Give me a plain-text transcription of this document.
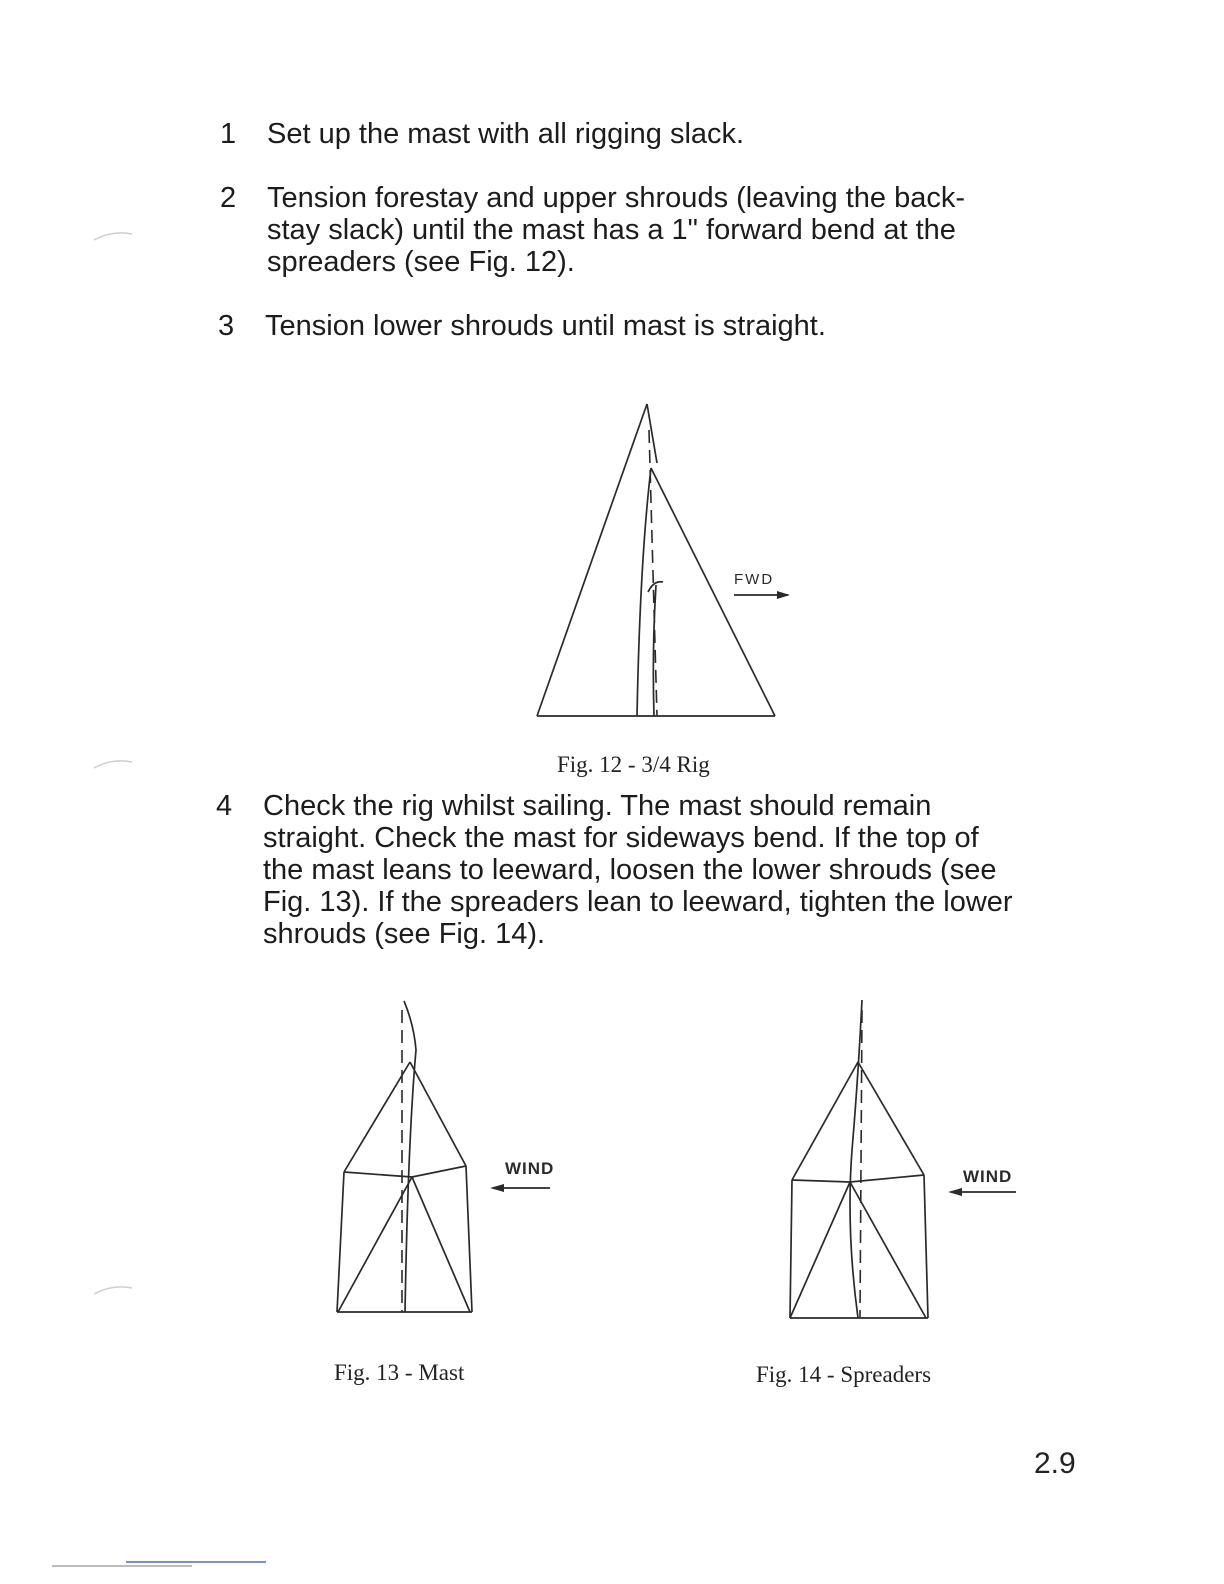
1	Set up the mast with all rigging slack.
2	Tension forestay and upper shrouds (leaving the back-
stay slack) until the mast has a 1" forward bend at the
spreaders (see Fig. 12).
3	Tension lower shrouds until mast is straight.
FWD
Fig. 12 - 3/4 Rig
4	Check the rig whilst sailing. The mast should remain
straight. Check the mast for sideways bend. If the top of
the mast leans to leeward, loosen the lower shrouds (see
Fig. 13). If the spreaders lean to leeward, tighten the lower
shrouds (see Fig. 14).
WIND
Fig. 13 - Mast
WIND
Fig. 14 - Spreaders
2.9
